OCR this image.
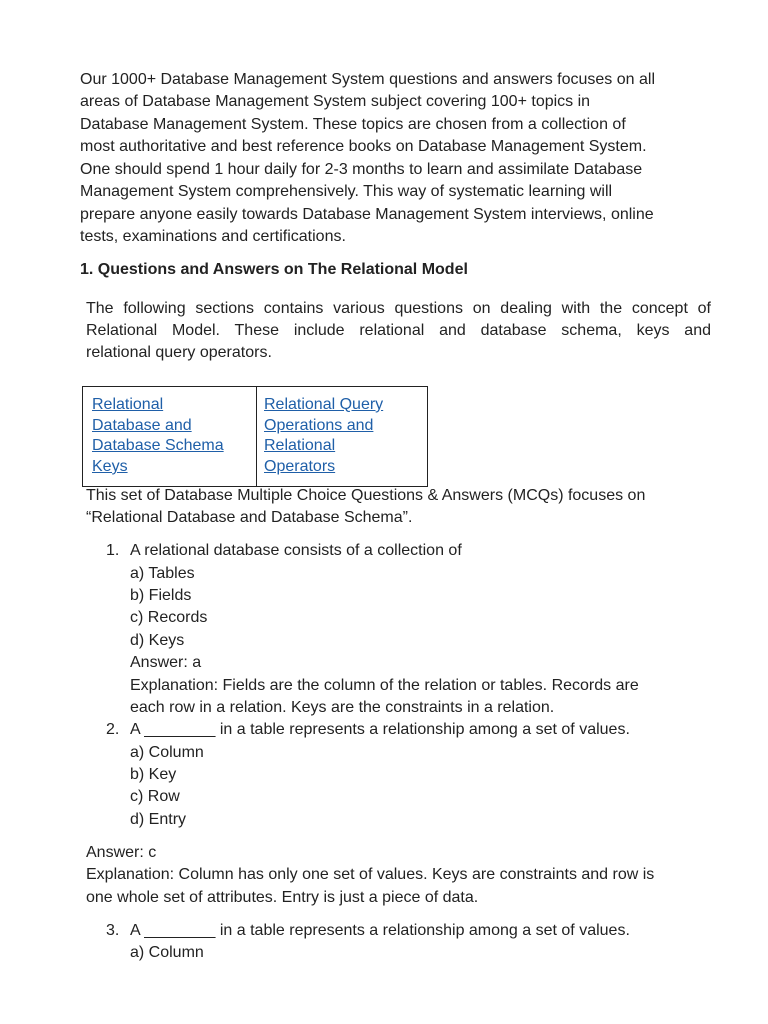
Our 1000+ Database Management System questions and answers focuses on all
areas of Database Management System subject covering 100+ topics in
Database Management System. These topics are chosen from a collection of
most authoritative and best reference books on Database Management System.
One should spend 1 hour daily for 2-3 months to learn and assimilate Database
Management System comprehensively. This way of systematic learning will
prepare anyone easily towards Database Management System interviews, online
tests, examinations and certifications.
1. Questions and Answers on The Relational Model
The following sections contains various questions on dealing with the concept of
Relational Model. These include relational and database schema, keys and
relational query operators.
Relational
Database and
Database Schema
Keys
Relational Query
Operations and
Relational
Operators
This set of Database Multiple Choice Questions & Answers (MCQs) focuses on
“Relational Database and Database Schema”.
1. A relational database consists of a collection of
a) Tables
b) Fields
c) Records
d) Keys
Answer: a
Explanation: Fields are the column of the relation or tables. Records are
each row in a relation. Keys are the constraints in a relation.
2. A ________ in a table represents a relationship among a set of values.
a) Column
b) Key
c) Row
d) Entry
Answer: c
Explanation: Column has only one set of values. Keys are constraints and row is
one whole set of attributes. Entry is just a piece of data.
3. A ________ in a table represents a relationship among a set of values.
a) Column
